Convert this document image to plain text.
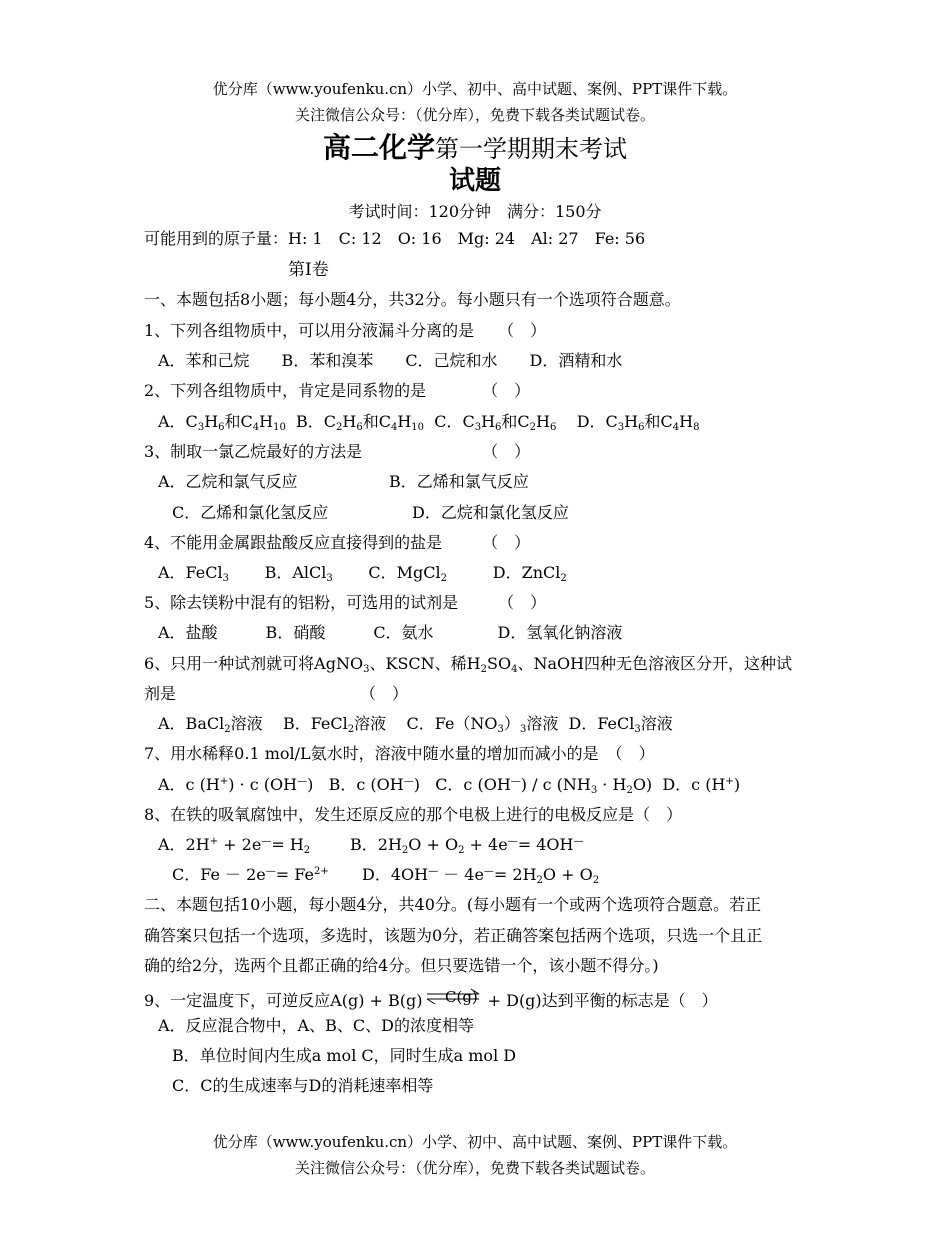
优分库（www.youfenku.cn）小学、初中、高中试题、案例、PPT课件下载。
关注微信公众号：（优分库），免费下载各类试题试卷。
高二化学第一学期期末考试
试题
考试时间：120分钟　满分：150分
可能用到的原子量：H: 1　C: 12　O: 16　Mg: 24　Al: 27　Fe: 56
第Ⅰ卷
一、本题包括8小题；每小题4分，共32分。每小题只有一个选项符合题意。
1、下列各组物质中，可以用分液漏斗分离的是　　（　）
A．苯和己烷　　B．苯和溴苯　　C．己烷和水　　D．酒精和水
2、下列各组物质中，肯定是同系物的是　　　　（　）
A．$C_3H_6$和$C_4H_{10}$  B．$C_2H_6$和$C_4H_{10}$  C．$C_3H_6$和$C_2H_6$    D．$C_3H_6$和$C_4H_8$
3、制取一氯乙烷最好的方法是　　　　　　　　（　）
A．乙烷和氯气反应	B．乙烯和氯气反应
C．乙烯和氯化氢反应	D．乙烷和氯化氢反应
4、不能用金属跟盐酸反应直接得到的盐是　　　（　）
A．FeCl$_3$       B．AlCl$_3$       C．MgCl$_2$         D．ZnCl$_2$
5、除去镁粉中混有的铝粉，可选用的试剂是　　　（　）
A．盐酸　　　B．硝酸　　　C．氨水　　　　D．氢氧化钠溶液
6、只用一种试剂就可将AgNO$_3$、KSCN、稀$H_2SO_4$、NaOH四种无色溶液区分开，这种试
剂是　　　　　　　　　　　　（　）
A．BaCl$_2$溶液    B．FeCl$_2$溶液    C．$Fe(NO_3)_3$溶液  D．FeCl$_3$溶液
7、用水稀释0.1 mol/L氨水时，溶液中随水量的增加而减小的是　（　）
A．c (H+) · c (OH—)   B．c (OH—)   C．c (OH—) / c $(NH_3 \cdot H_2O)$  D．c (H+)
8、在铁的吸氧腐蚀中，发生还原反应的那个电极上进行的电极反应是（　）
A．$2H^+ + 2e^—= H_2$ B．$2H_2O + O_2 + 4e^—= 4OH^—$
C．$Fe - 2e^—= Fe^{2+}$ D．$4OH^— - 4e^—= 2H_2O + O_2$
二、本题包括10小题，每小题4分，共40分。(每小题有一个或两个选项符合题意。若正
确答案只包括一个选项，多选时，该题为0分，若正确答案包括两个选项，只选一个且正
确的给2分，选两个且都正确的给4分。但只要选错一个，该小题不得分。)
9、一定温度下，可逆反应A(g) + B(g) C(g) + D(g)达到平衡的标志是（　）
A．反应混合物中，A、B、C、D的浓度相等
B．单位时间内生成a mol C，同时生成a mol D
C．C的生成速率与D的消耗速率相等
优分库（www.youfenku.cn）小学、初中、高中试题、案例、PPT课件下载。
关注微信公众号：（优分库），免费下载各类试题试卷。
